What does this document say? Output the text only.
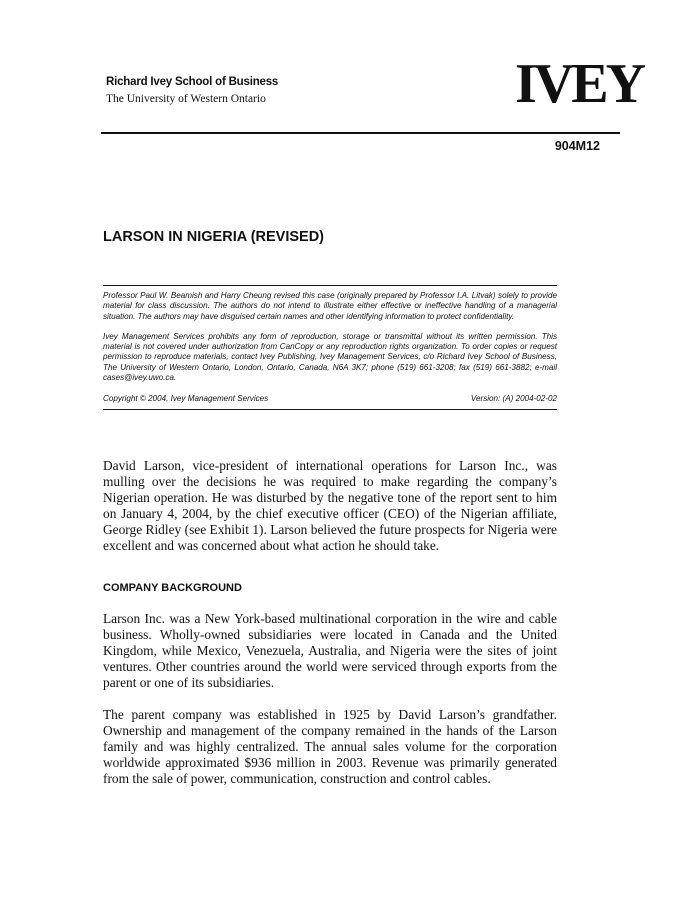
Richard Ivey School of Business
The University of Western Ontario	IVEY
904M12
LARSON IN NIGERIA (REVISED)

Professor Paul W. Beamish and Harry Cheung revised this case (originally prepared by Professor I.A. Litvak) solely to provide material for class discussion. The authors do not intend to illustrate either effective or ineffective handling of a managerial situation. The authors may have disguised certain names and other identifying information to protect confidentiality.

Ivey Management Services prohibits any form of reproduction, storage or transmittal without its written permission. This material is not covered under authorization from CanCopy or any reproduction rights organization. To order copies or request permission to reproduce materials, contact Ivey Publishing, Ivey Management Services, c/o Richard Ivey School of Business, The University of Western Ontario, London, Ontario, Canada, N6A 3K7; phone (519) 661-3208; fax (519) 661-3882; e-mail cases@ivey.uwo.ca.

Copyright © 2004, Ivey Management Services	Version: (A) 2004-02-02

David Larson, vice-president of international operations for Larson Inc., was mulling over the decisions he was required to make regarding the company’s Nigerian operation. He was disturbed by the negative tone of the report sent to him on January 4, 2004, by the chief executive officer (CEO) of the Nigerian affiliate, George Ridley (see Exhibit 1). Larson believed the future prospects for Nigeria were excellent and was concerned about what action he should take.

COMPANY BACKGROUND

Larson Inc. was a New York-based multinational corporation in the wire and cable business. Wholly-owned subsidiaries were located in Canada and the United Kingdom, while Mexico, Venezuela, Australia, and Nigeria were the sites of joint ventures. Other countries around the world were serviced through exports from the parent or one of its subsidiaries.

The parent company was established in 1925 by David Larson’s grandfather. Ownership and management of the company remained in the hands of the Larson family and was highly centralized. The annual sales volume for the corporation worldwide approximated $936 million in 2003. Revenue was primarily generated from the sale of power, communication, construction and control cables.
